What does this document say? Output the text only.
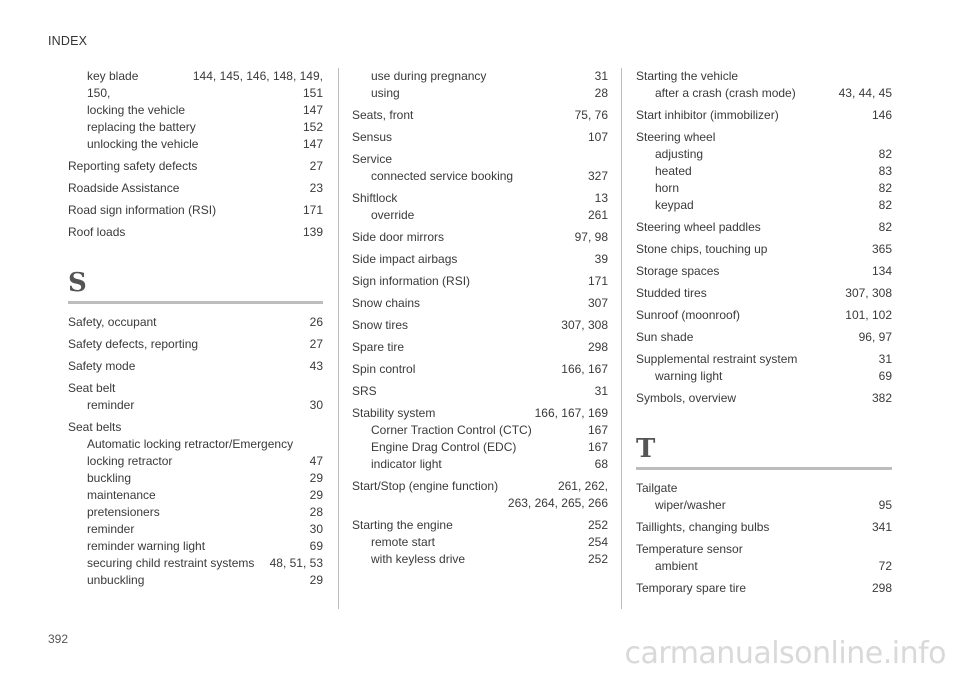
INDEX
key blade	144, 145, 146, 148, 149,
150,	151
locking the vehicle	147
replacing the battery	152
unlocking the vehicle	147
Reporting safety defects	27
Roadside Assistance	23
Road sign information (RSI)	171
Roof loads	139
S
Safety, occupant	26
Safety defects, reporting	27
Safety mode	43
Seat belt
reminder	30
Seat belts
Automatic locking retractor/Emergency
locking retractor	47
buckling	29
maintenance	29
pretensioners	28
reminder	30
reminder warning light	69
securing child restraint systems	48, 51, 53
unbuckling	29
use during pregnancy	31
using	28
Seats, front	75, 76
Sensus	107
Service
connected service booking	327
Shiftlock	13
override	261
Side door mirrors	97, 98
Side impact airbags	39
Sign information (RSI)	171
Snow chains	307
Snow tires	307, 308
Spare tire	298
Spin control	166, 167
SRS	31
Stability system	166, 167, 169
Corner Traction Control (CTC)	167
Engine Drag Control (EDC)	167
indicator light	68
Start/Stop (engine function)	261, 262,
263, 264, 265, 266
Starting the engine	252
remote start	254
with keyless drive	252
Starting the vehicle
after a crash (crash mode)	43, 44, 45
Start inhibitor (immobilizer)	146
Steering wheel
adjusting	82
heated	83
horn	82
keypad	82
Steering wheel paddles	82
Stone chips, touching up	365
Storage spaces	134
Studded tires	307, 308
Sunroof (moonroof)	101, 102
Sun shade	96, 97
Supplemental restraint system	31
warning light	69
Symbols, overview	382
T
Tailgate
wiper/washer	95
Taillights, changing bulbs	341
Temperature sensor
ambient	72
Temporary spare tire	298
392	carmanualsonline.info
